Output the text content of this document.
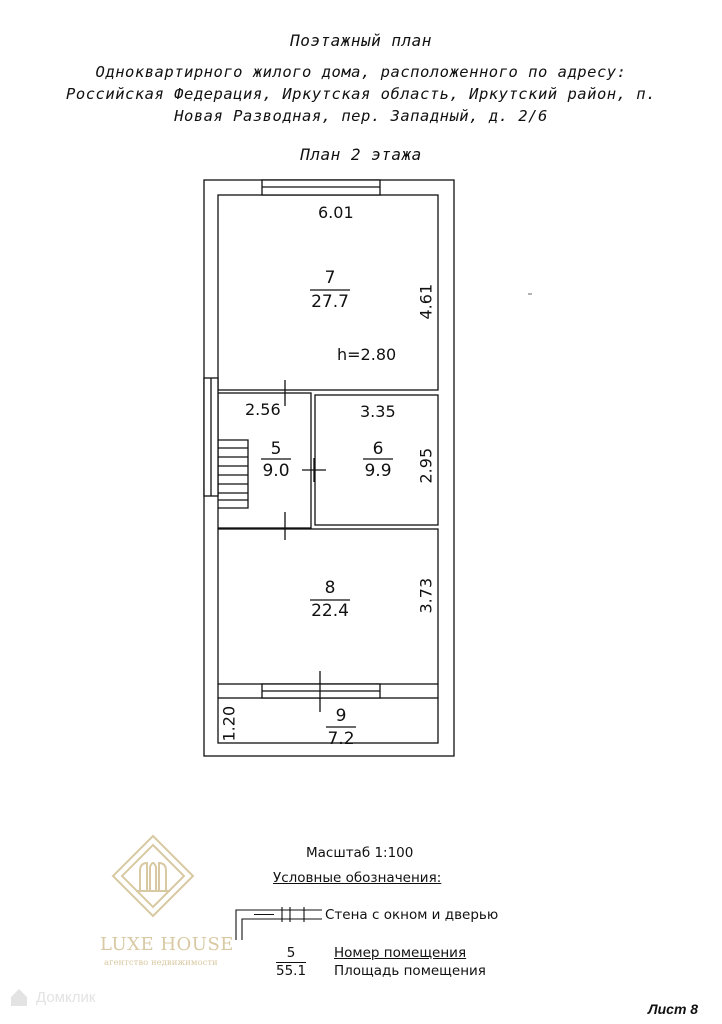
Поэтажный план
Одноквартирного жилого дома, расположенного по адресу:
Российская Федерация, Иркутская область, Иркутский район, п.
Новая Разводная, пер. Западный, д. 2/6
План 2 этажа
6.01
7
27.7	4.61
h=2.80
2.56
5
9.0
3.35
6
9.9	2.95
8
22.4	3.73
9
7.2
1.20
LUXE HOUSE
агентство недвижимости
Масштаб 1:100
Условные обозначения:
Стена с окном и дверью
5
55.1
Номер помещения
Площадь помещения
Домклик
Лист 8
